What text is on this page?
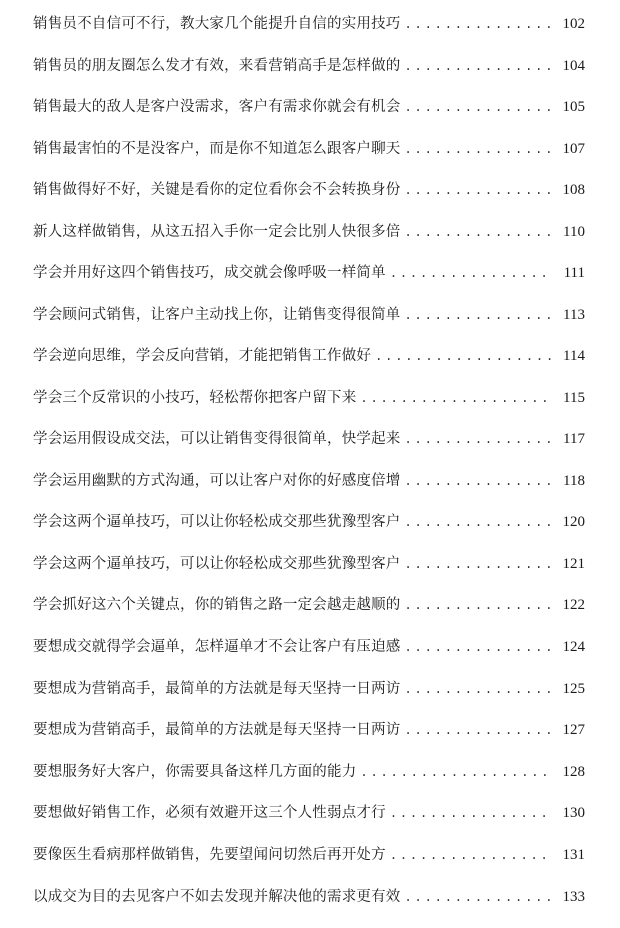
销售员不自信可不行，教大家几个能提升自信的实用技巧 . . .	102
销售员的朋友圈怎么发才有效，来看营销高手是怎样做的 . . .	104
销售最大的敌人是客户没需求，客户有需求你就会有机会 . . .	105
销售最害怕的不是没客户，而是你不知道怎么跟客户聊天 . . .	107
销售做得好不好，关键是看你的定位看你会不会转换身份 . . .	108
新人这样做销售，从这五招入手你一定会比别人快很多倍 . . .	110
学会并用好这四个销售技巧，成交就会像呼吸一样简单 . . .	111
学会顾问式销售，让客户主动找上你，让销售变得很简单 . . .	113
学会逆向思维，学会反向营销，才能把销售工作做好 . . .	114
学会三个反常识的小技巧，轻松帮你把客户留下来 . . .	115
学会运用假设成交法，可以让销售变得很简单，快学起来 . . .	117
学会运用幽默的方式沟通，可以让客户对你的好感度倍增 . . .	118
学会这两个逼单技巧，可以让你轻松成交那些犹豫型客户 . . .	120
学会这两个逼单技巧，可以让你轻松成交那些犹豫型客户 . . .	121
学会抓好这六个关键点，你的销售之路一定会越走越顺的 . . .	122
要想成交就得学会逼单，怎样逼单才不会让客户有压迫感 . . .	124
要想成为营销高手，最简单的方法就是每天坚持一日两访 . . .	125
要想成为营销高手，最简单的方法就是每天坚持一日两访 . . .	127
要想服务好大客户，你需要具备这样几方面的能力 . . .	128
要想做好销售工作，必须有效避开这三个人性弱点才行 . . .	130
要像医生看病那样做销售，先要望闻问切然后再开处方 . . .	131
以成交为目的去见客户不如去发现并解决他的需求更有效 . . .	133
